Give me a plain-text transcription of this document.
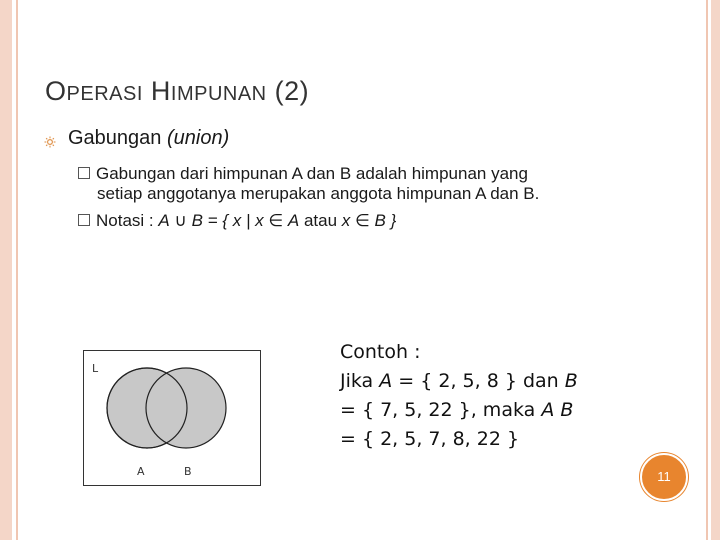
OPERASI HIMPUNAN (2)
Gabungan (union)
Gabungan dari himpunan A dan B adalah himpunan yang
setiap anggotanya merupakan anggota himpunan A dan B.
Notasi : A ∪ B = { x | x ∈ A atau x ∈ B }
L
A	B
Contoh :
Jika A = { 2, 5, 8 } dan B
= { 7, 5, 22 }, maka A B
= { 2, 5, 7, 8, 22 }
11
